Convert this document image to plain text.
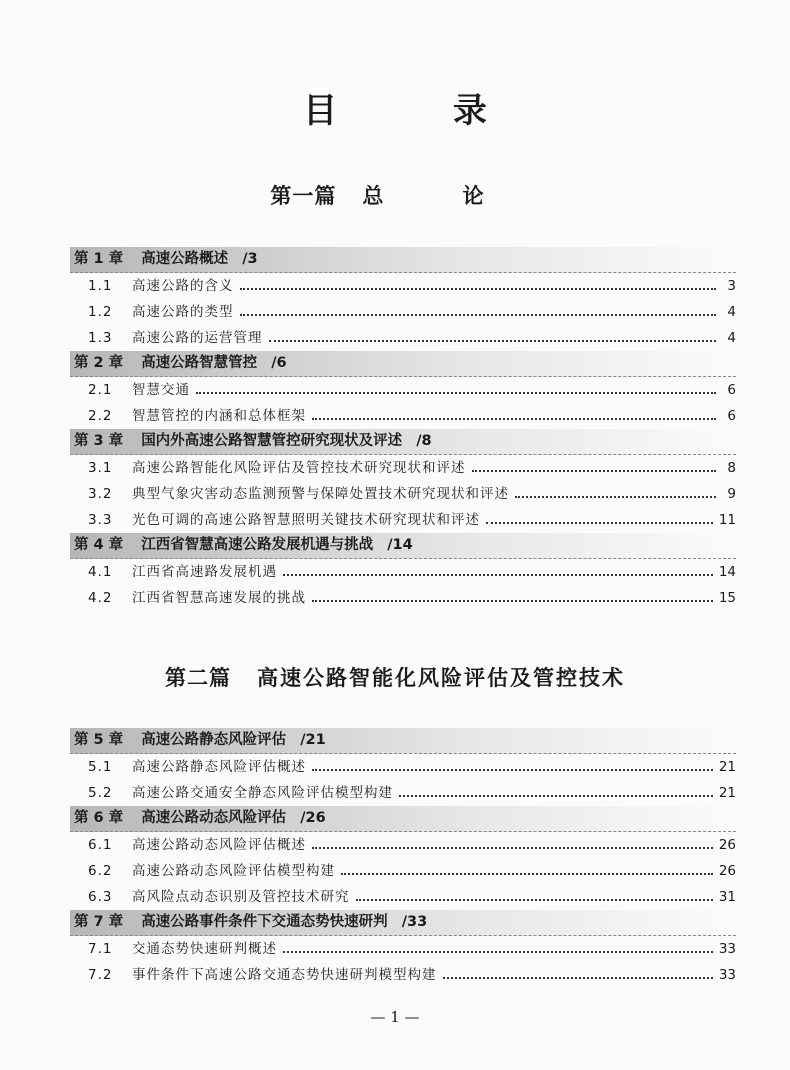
目 录
第一篇 总 论
第 1 章 高速公路概述 /3
1.1	高速公路的含义	3
1.2	高速公路的类型	4
1.3	高速公路的运营管理	4
第 2 章 高速公路智慧管控 /6
2.1	智慧交通	6
2.2	智慧管控的内涵和总体框架	6
第 3 章 国内外高速公路智慧管控研究现状及评述 /8
3.1	高速公路智能化风险评估及管控技术研究现状和评述	8
3.2	典型气象灾害动态监测预警与保障处置技术研究现状和评述	9
3.3	光色可调的高速公路智慧照明关键技术研究现状和评述	11
第 4 章 江西省智慧高速公路发展机遇与挑战 /14
4.1	江西省高速路发展机遇	14
4.2	江西省智慧高速发展的挑战	15
第二篇 高速公路智能化风险评估及管控技术
第 5 章 高速公路静态风险评估 /21
5.1	高速公路静态风险评估概述	21
5.2	高速公路交通安全静态风险评估模型构建	21
第 6 章 高速公路动态风险评估 /26
6.1	高速公路动态风险评估概述	26
6.2	高速公路动态风险评估模型构建	26
6.3	高风险点动态识别及管控技术研究	31
第 7 章 高速公路事件条件下交通态势快速研判 /33
7.1	交通态势快速研判概述	33
7.2	事件条件下高速公路交通态势快速研判模型构建	33
— 1 —
